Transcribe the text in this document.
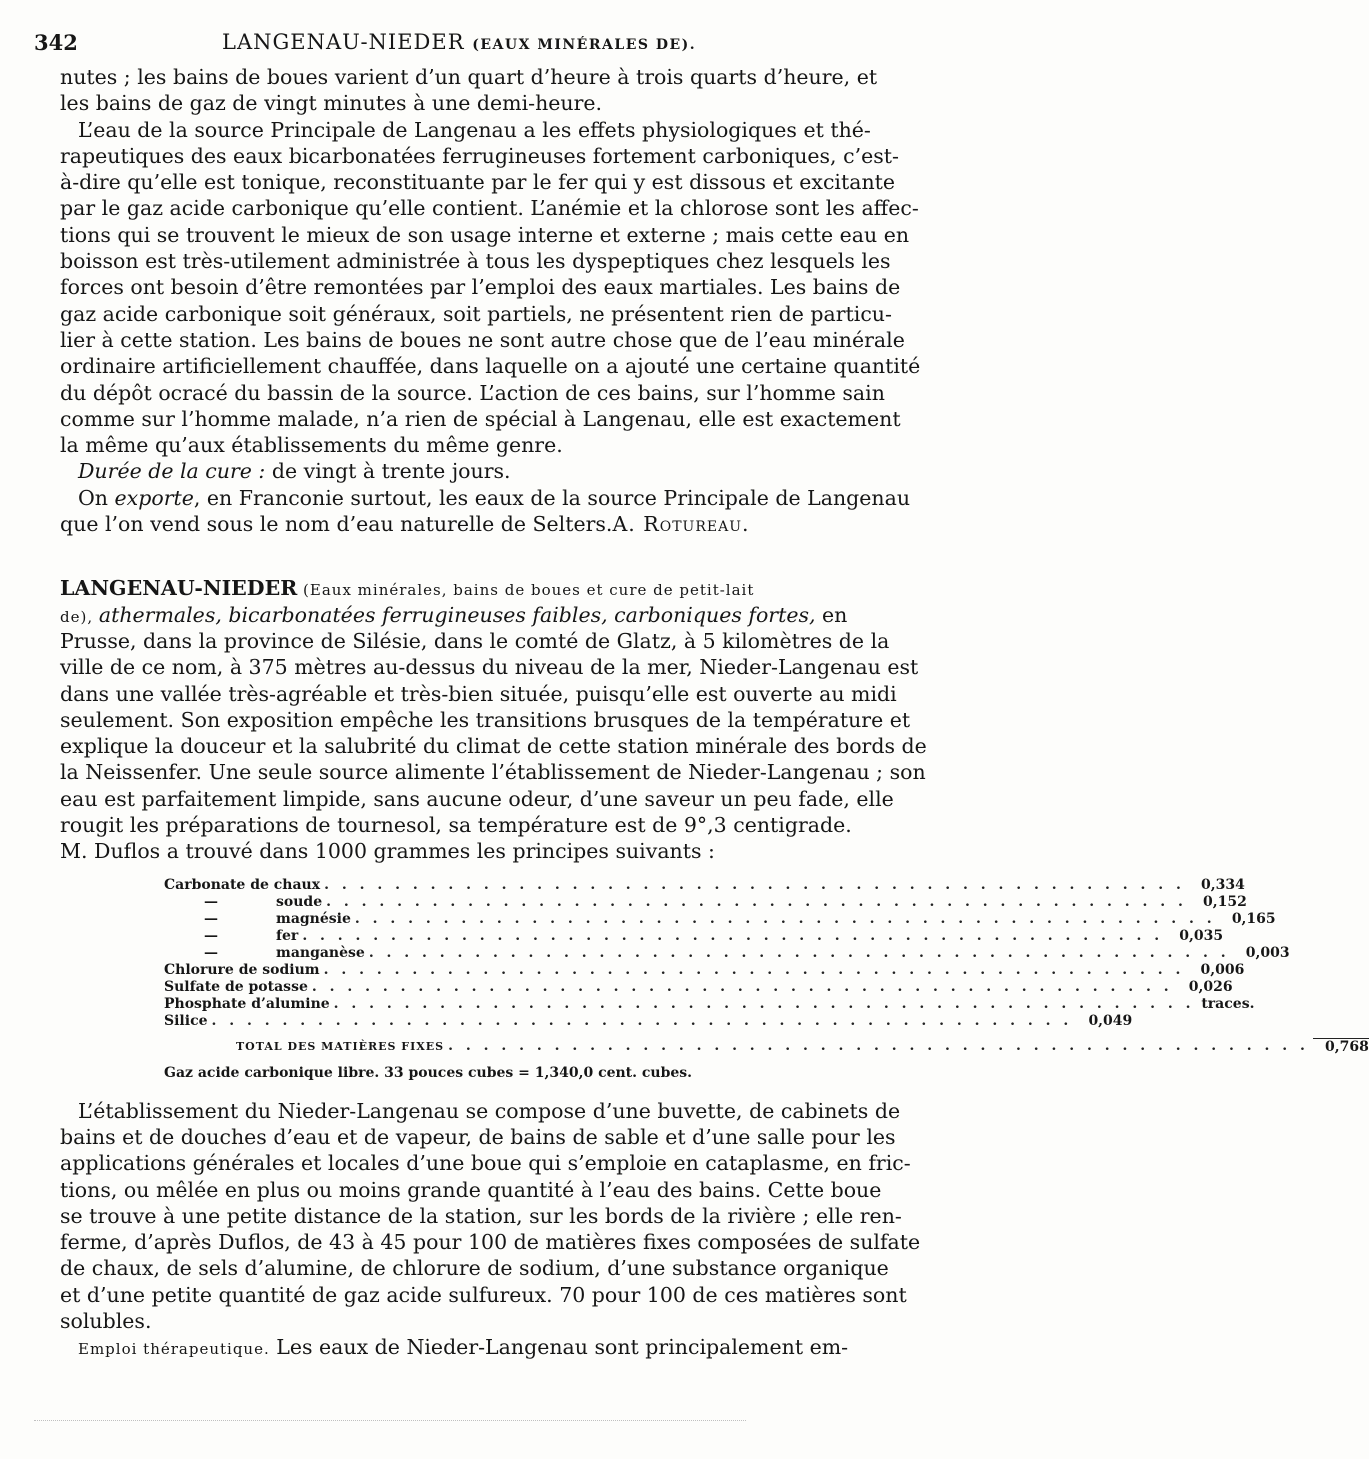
342	LANGENAU-NIEDER (EAUX MINÉRALES DE).
nutes ; les bains de boues varient d’un quart d’heure à trois quarts d’heure, et
les bains de gaz de vingt minutes à une demi-heure.
L’eau de la source Principale de Langenau a les effets physiologiques et thé-
rapeutiques des eaux bicarbonatées ferrugineuses fortement carboniques, c’est-
à-dire qu’elle est tonique, reconstituante par le fer qui y est dissous et excitante
par le gaz acide carbonique qu’elle contient. L’anémie et la chlorose sont les affec-
tions qui se trouvent le mieux de son usage interne et externe ; mais cette eau en
boisson est très-utilement administrée à tous les dyspeptiques chez lesquels les
forces ont besoin d’être remontées par l’emploi des eaux martiales. Les bains de
gaz acide carbonique soit généraux, soit partiels, ne présentent rien de particu-
lier à cette station. Les bains de boues ne sont autre chose que de l’eau minérale
ordinaire artificiellement chauffée, dans laquelle on a ajouté une certaine quantité
du dépôt ocracé du bassin de la source. L’action de ces bains, sur l’homme sain
comme sur l’homme malade, n’a rien de spécial à Langenau, elle est exactement
la même qu’aux établissements du même genre.
Durée de la cure : de vingt à trente jours.
On exporte, en Franconie surtout, les eaux de la source Principale de Langenau
que l’on vend sous le nom d’eau naturelle de Selters. A. Rotureau.
LANGENAU-NIEDER (Eaux minérales, bains de boues et cure de petit-lait
de), athermales, bicarbonatées ferrugineuses faibles, carboniques fortes, en
Prusse, dans la province de Silésie, dans le comté de Glatz, à 5 kilomètres de la
ville de ce nom, à 375 mètres au-dessus du niveau de la mer, Nieder-Langenau est
dans une vallée très-agréable et très-bien située, puisqu’elle est ouverte au midi
seulement. Son exposition empêche les transitions brusques de la température et
explique la douceur et la salubrité du climat de cette station minérale des bords de
la Neissenfer. Une seule source alimente l’établissement de Nieder-Langenau ; son
eau est parfaitement limpide, sans aucune odeur, d’une saveur un peu fade, elle
rougit les préparations de tournesol, sa température est de 9°,3 centigrade.
M. Duflos a trouvé dans 1000 grammes les principes suivants :
Carbonate de chaux . . .	0,334
—	soude . . .	0,152
—	magnésie . . .	0,165
—	fer . . .	0,035
—	manganèse . . .	0,003
Chlorure de sodium . . .	0,006
Sulfate de potasse . . .	0,026
Phosphate d’alumine . . .	traces.
Silice . . .	0,049
TOTAL DES MATIÈRES FIXES . . .	0,768
Gaz acide carbonique libre. 33 pouces cubes = 1,340,0 cent. cubes.
L’établissement du Nieder-Langenau se compose d’une buvette, de cabinets de
bains et de douches d’eau et de vapeur, de bains de sable et d’une salle pour les
applications générales et locales d’une boue qui s’emploie en cataplasme, en fric-
tions, ou mêlée en plus ou moins grande quantité à l’eau des bains. Cette boue
se trouve à une petite distance de la station, sur les bords de la rivière ; elle ren-
ferme, d’après Duflos, de 43 à 45 pour 100 de matières fixes composées de sulfate
de chaux, de sels d’alumine, de chlorure de sodium, d’une substance organique
et d’une petite quantité de gaz acide sulfureux. 70 pour 100 de ces matières sont
solubles.
Emploi thérapeutique. Les eaux de Nieder-Langenau sont principalement em-
